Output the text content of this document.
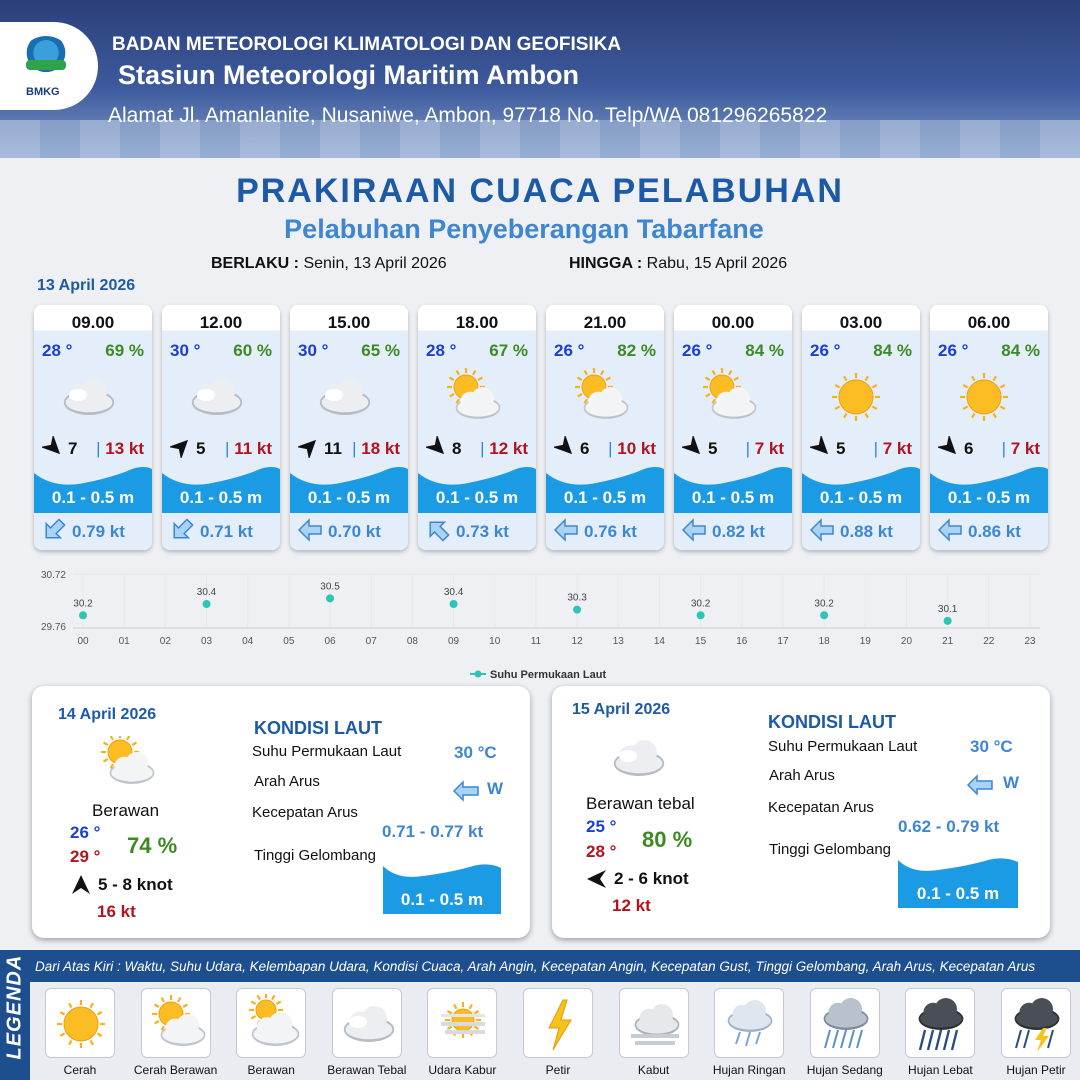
BMKG
BADAN METEOROLOGI KLIMATOLOGI DAN GEOFISIKA
Stasiun Meteorologi Maritim Ambon
Alamat Jl. Amanlanite, Nusaniwe, Ambon, 97718 No. Telp/WA 081296265822
PRAKIRAAN CUACA PELABUHAN
Pelabuhan Penyeberangan Tabarfane
BERLAKU : Senin, 13 April 2026	HINGGA : Rabu, 15 April 2026
13 April 2026
09.00
28 ° 69 %
7 | 13 kt
0.1 - 0.5 m
0.79 kt
12.00
30 ° 60 %
5 | 11 kt
0.1 - 0.5 m
0.71 kt
15.00
30 ° 65 %
11 | 18 kt
0.1 - 0.5 m
0.70 kt
18.00
28 ° 67 %
8 | 12 kt
0.1 - 0.5 m
0.73 kt
21.00
26 ° 82 %
6 | 10 kt
0.1 - 0.5 m
0.76 kt
00.00
26 ° 84 %
5 | 7 kt
0.1 - 0.5 m
0.82 kt
03.00
26 ° 84 %
5 | 7 kt
0.1 - 0.5 m
0.88 kt
06.00
26 ° 84 %
6 | 7 kt
0.1 - 0.5 m
0.86 kt
30.72
29.76
00	01	02	03	04	05	06	07	08	09	10	11	12	13	14	15	16	17	18	19	20	21	22	23
30.2
30.4
30.5
30.4
30.3
30.2	30.2
30.1
Suhu Permukaan Laut
14 April 2026
Berawan
26 °
29 ° 74 %
5 - 8 knot
16 kt
KONDISI LAUT
Suhu Permukaan Laut	30 °C
Arah Arus	W
Kecepatan Arus
0.71 - 0.77 kt
Tinggi Gelombang
0.1 - 0.5 m
15 April 2026
Berawan tebal
25 °
28 ° 80 %
2 - 6 knot
12 kt
KONDISI LAUT
Suhu Permukaan Laut	30 °C
Arah Arus	W
Kecepatan Arus
0.62 - 0.79 kt
Tinggi Gelombang
0.1 - 0.5 m
LEGENDA Dari Atas Kiri : Waktu, Suhu Udara, Kelembapan Udara, Kondisi Cuaca, Arah Angin, Kecepatan Angin, Kecepatan Gust, Tinggi Gelombang, Arah Arus, Kecepatan Arus
Cerah	Cerah Berawan	Berawan	Berawan Tebal	Udara Kabur	Petir	Kabut	Hujan Ringan	Hujan Sedang	Hujan Lebat	Hujan Petir
